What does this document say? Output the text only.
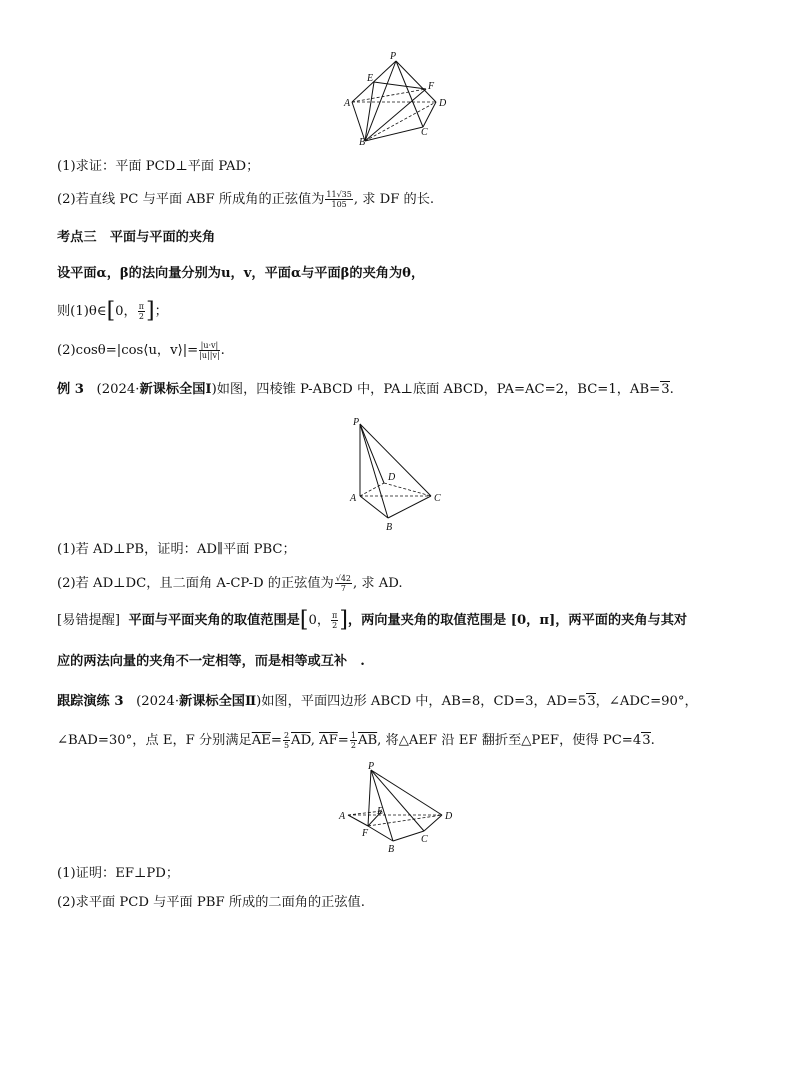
P
E
F
A	D
B
C
(1)求证：平面 PCD⊥平面 PAD；
(2)若直线 PC 与平面 ABF 所成角的正弦值为 $\frac{11√35}{105}$ , 求 DF 的长.
考点三　平面与平面的夹角
设平面α，β的法向量分别为u，v，平面α与平面β的夹角为θ，
则(1)θ∈[0， $\frac{\pi}{2}$ ]；
(2)cosθ=|cos⟨u，v⟩|= $\frac{|u\cdot v|}{|u||v|}$ .
例 3 (2024·新课标全国Ⅰ)如图，四棱锥 P-ABCD 中，PA⊥底面 ABCD，PA=AC=2，BC=1，AB=3.
P
D
A	C
B
(1)若 AD⊥PB，证明：AD∥平面 PBC；
(2)若 AD⊥DC，且二面角 A-CP-D 的正弦值为 $\frac{√42}{7}$ , 求 AD.
[易错提醒] 平面与平面夹角的取值范围是[0， $\frac{\pi}{2}$ ]，两向量夹角的取值范围是 [0，π]，两平面的夹角与其对
应的两法向量的夹角不一定相等，而是相等或互补　.
跟踪演练 3 (2024·新课标全国Ⅱ)如图，平面四边形 ABCD 中，AB=8，CD=3，AD=53，∠ADC=90°，
∠BAD=30°，点 E，F 分别满足$\overline{AE}= \frac{2}{5} \overline{AD}$, $\overline{AF}= \frac{1}{2} \overline{AB}$, 将△AEF 沿 EF 翻折至△PEF，使得 PC=43.
P
E
A
F
D
B
C
(1)证明：EF⊥PD；
(2)求平面 PCD 与平面 PBF 所成的二面角的正弦值.
